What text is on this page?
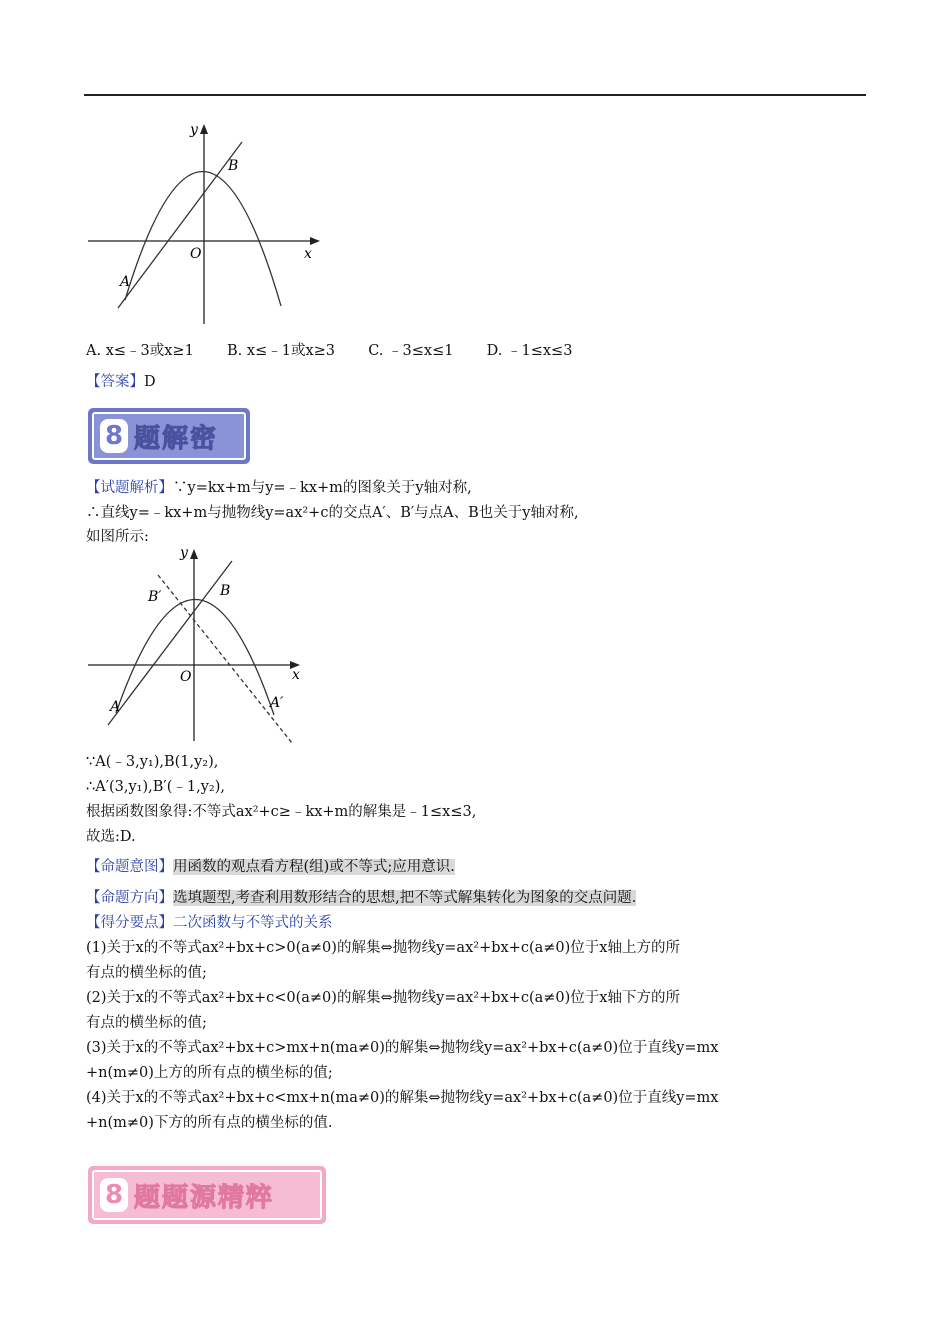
y
x
O
A
B
A. x≤﹣3或x≥1 B. x≤﹣1或x≥3 C. ﹣3≤x≤1 D. ﹣1≤x≤3
【答案】D
8 题解密
【试题解析】∵y=kx+m与y=﹣kx+m的图象关于y轴对称,
∴直线y=﹣kx+m与抛物线y=ax²+c的交点A′、B′与点A、B也关于y轴对称,
如图所示:
y
x
O
A
B
B′
A′
∵A(﹣3,y₁),B(1,y₂),
∴A′(3,y₁),B′(﹣1,y₂),
根据函数图象得:不等式ax²+c≥﹣kx+m的解集是﹣1≤x≤3,
故选:D.
【命题意图】用函数的观点看方程(组)或不等式;应用意识.
【命题方向】选填题型,考查利用数形结合的思想,把不等式解集转化为图象的交点问题.
【得分要点】二次函数与不等式的关系
(1)关于x的不等式ax²+bx+c>0(a≠0)的解集⇔抛物线y=ax²+bx+c(a≠0)位于x轴上方的所
有点的横坐标的值;
(2)关于x的不等式ax²+bx+c<0(a≠0)的解集⇔抛物线y=ax²+bx+c(a≠0)位于x轴下方的所
有点的横坐标的值;
(3)关于x的不等式ax²+bx+c>mx+n(ma≠0)的解集⇔抛物线y=ax²+bx+c(a≠0)位于直线y=mx
+n(m≠0)上方的所有点的横坐标的值;
(4)关于x的不等式ax²+bx+c<mx+n(ma≠0)的解集⇔抛物线y=ax²+bx+c(a≠0)位于直线y=mx
+n(m≠0)下方的所有点的横坐标的值.
8 题题源精粹
